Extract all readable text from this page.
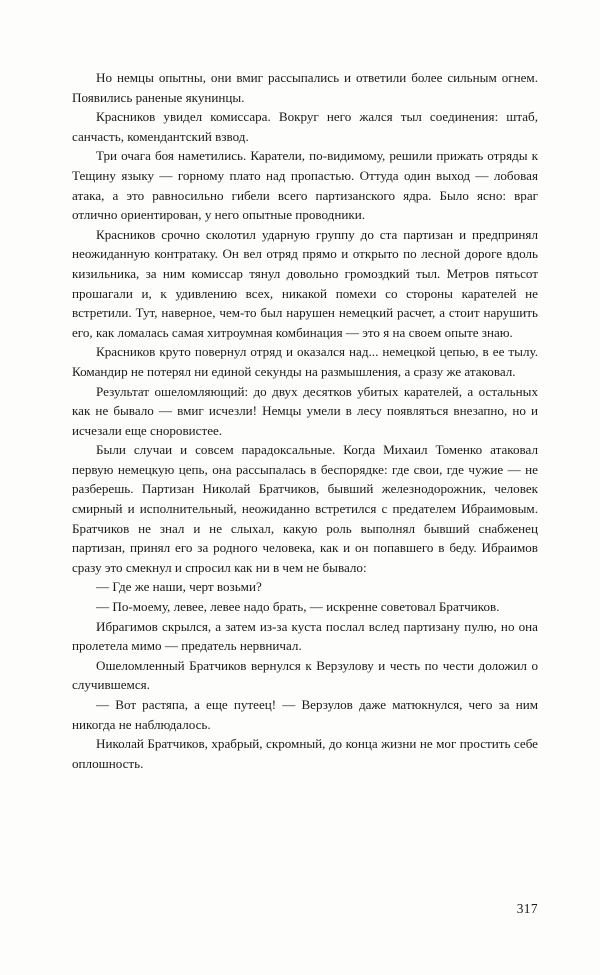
Но немцы опытны, они вмиг рассыпались и ответили более сильным огнем. Появились раненые якунинцы.

Красников увидел комиссара. Вокруг него жался тыл соединения: штаб, санчасть, комендантский взвод.

Три очага боя наметились. Каратели, по-видимому, решили прижать отряды к Тещину языку — горному плато над пропастью. Оттуда один выход — лобовая атака, а это равносильно гибели всего партизанского ядра. Было ясно: враг отлично ориентирован, у него опытные проводники.

Красников срочно сколотил ударную группу до ста партизан и предпринял неожиданную контратаку. Он вел отряд прямо и открыто по лесной дороге вдоль кизильника, за ним комиссар тянул довольно громоздкий тыл. Метров пятьсот прошагали и, к удивлению всех, никакой помехи со стороны карателей не встретили. Тут, наверное, чем-то был нарушен немецкий расчет, а стоит нарушить его, как ломалась самая хитроумная комбинация — это я на своем опыте знаю.

Красников круто повернул отряд и оказался над... немецкой цепью, в ее тылу. Командир не потерял ни единой секунды на размышления, а сразу же атаковал.

Результат ошеломляющий: до двух десятков убитых карателей, а остальных как не бывало — вмиг исчезли! Немцы умели в лесу появляться внезапно, но и исчезали еще сноровистее.

Были случаи и совсем парадоксальные. Когда Михаил Томенко атаковал первую немецкую цепь, она рассыпалась в беспорядке: где свои, где чужие — не разберешь. Партизан Николай Братчиков, бывший железнодорожник, человек смирный и исполнительный, неожиданно встретился с предателем Ибраимовым. Братчиков не знал и не слыхал, какую роль выполнял бывший снабженец партизан, принял его за родного человека, как и он попавшего в беду. Ибраимов сразу это смекнул и спросил как ни в чем не бывало:

— Где же наши, черт возьми?

— По-моему, левее, левее надо брать, — искренне советовал Братчиков.

Ибрагимов скрылся, а затем из-за куста послал вслед партизану пулю, но она пролетела мимо — предатель нервничал.

Ошеломленный Братчиков вернулся к Верзулову и честь по чести доложил о случившемся.

— Вот растяпа, а еще путеец! — Верзулов даже матюкнулся, чего за ним никогда не наблюдалось.

Николай Братчиков, храбрый, скромный, до конца жизни не мог простить себе оплошность.

317
